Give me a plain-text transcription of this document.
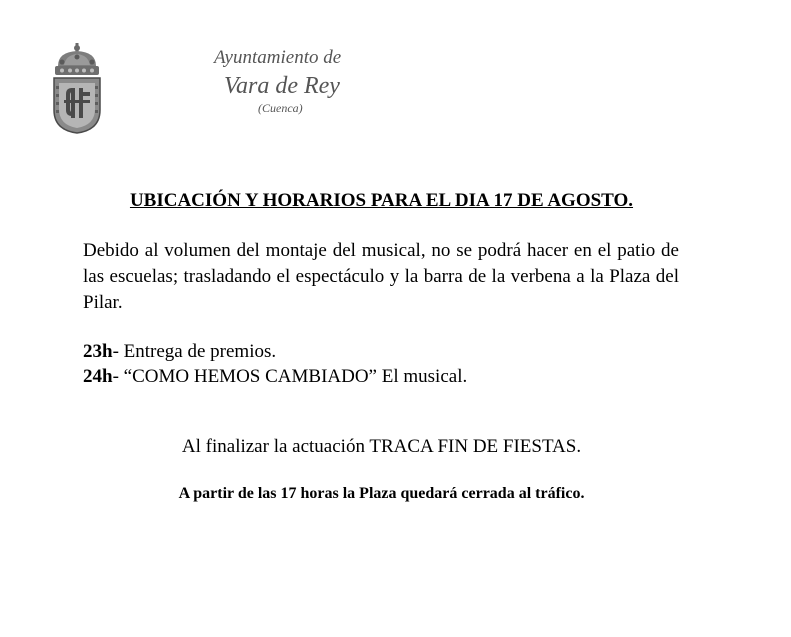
Ayuntamiento de
Vara de Rey
(Cuenca)
UBICACIÓN Y HORARIOS PARA EL DIA 17 DE AGOSTO.

Debido al volumen del montaje del musical, no se podrá hacer en el patio de las escuelas; trasladando el espectáculo y la barra de la verbena a la Plaza del Pilar.

23h- Entrega de premios.
24h- “COMO HEMOS CAMBIADO” El musical.
Al finalizar la actuación TRACA FIN DE FIESTAS.
A partir de las 17 horas la Plaza quedará cerrada al tráfico.
